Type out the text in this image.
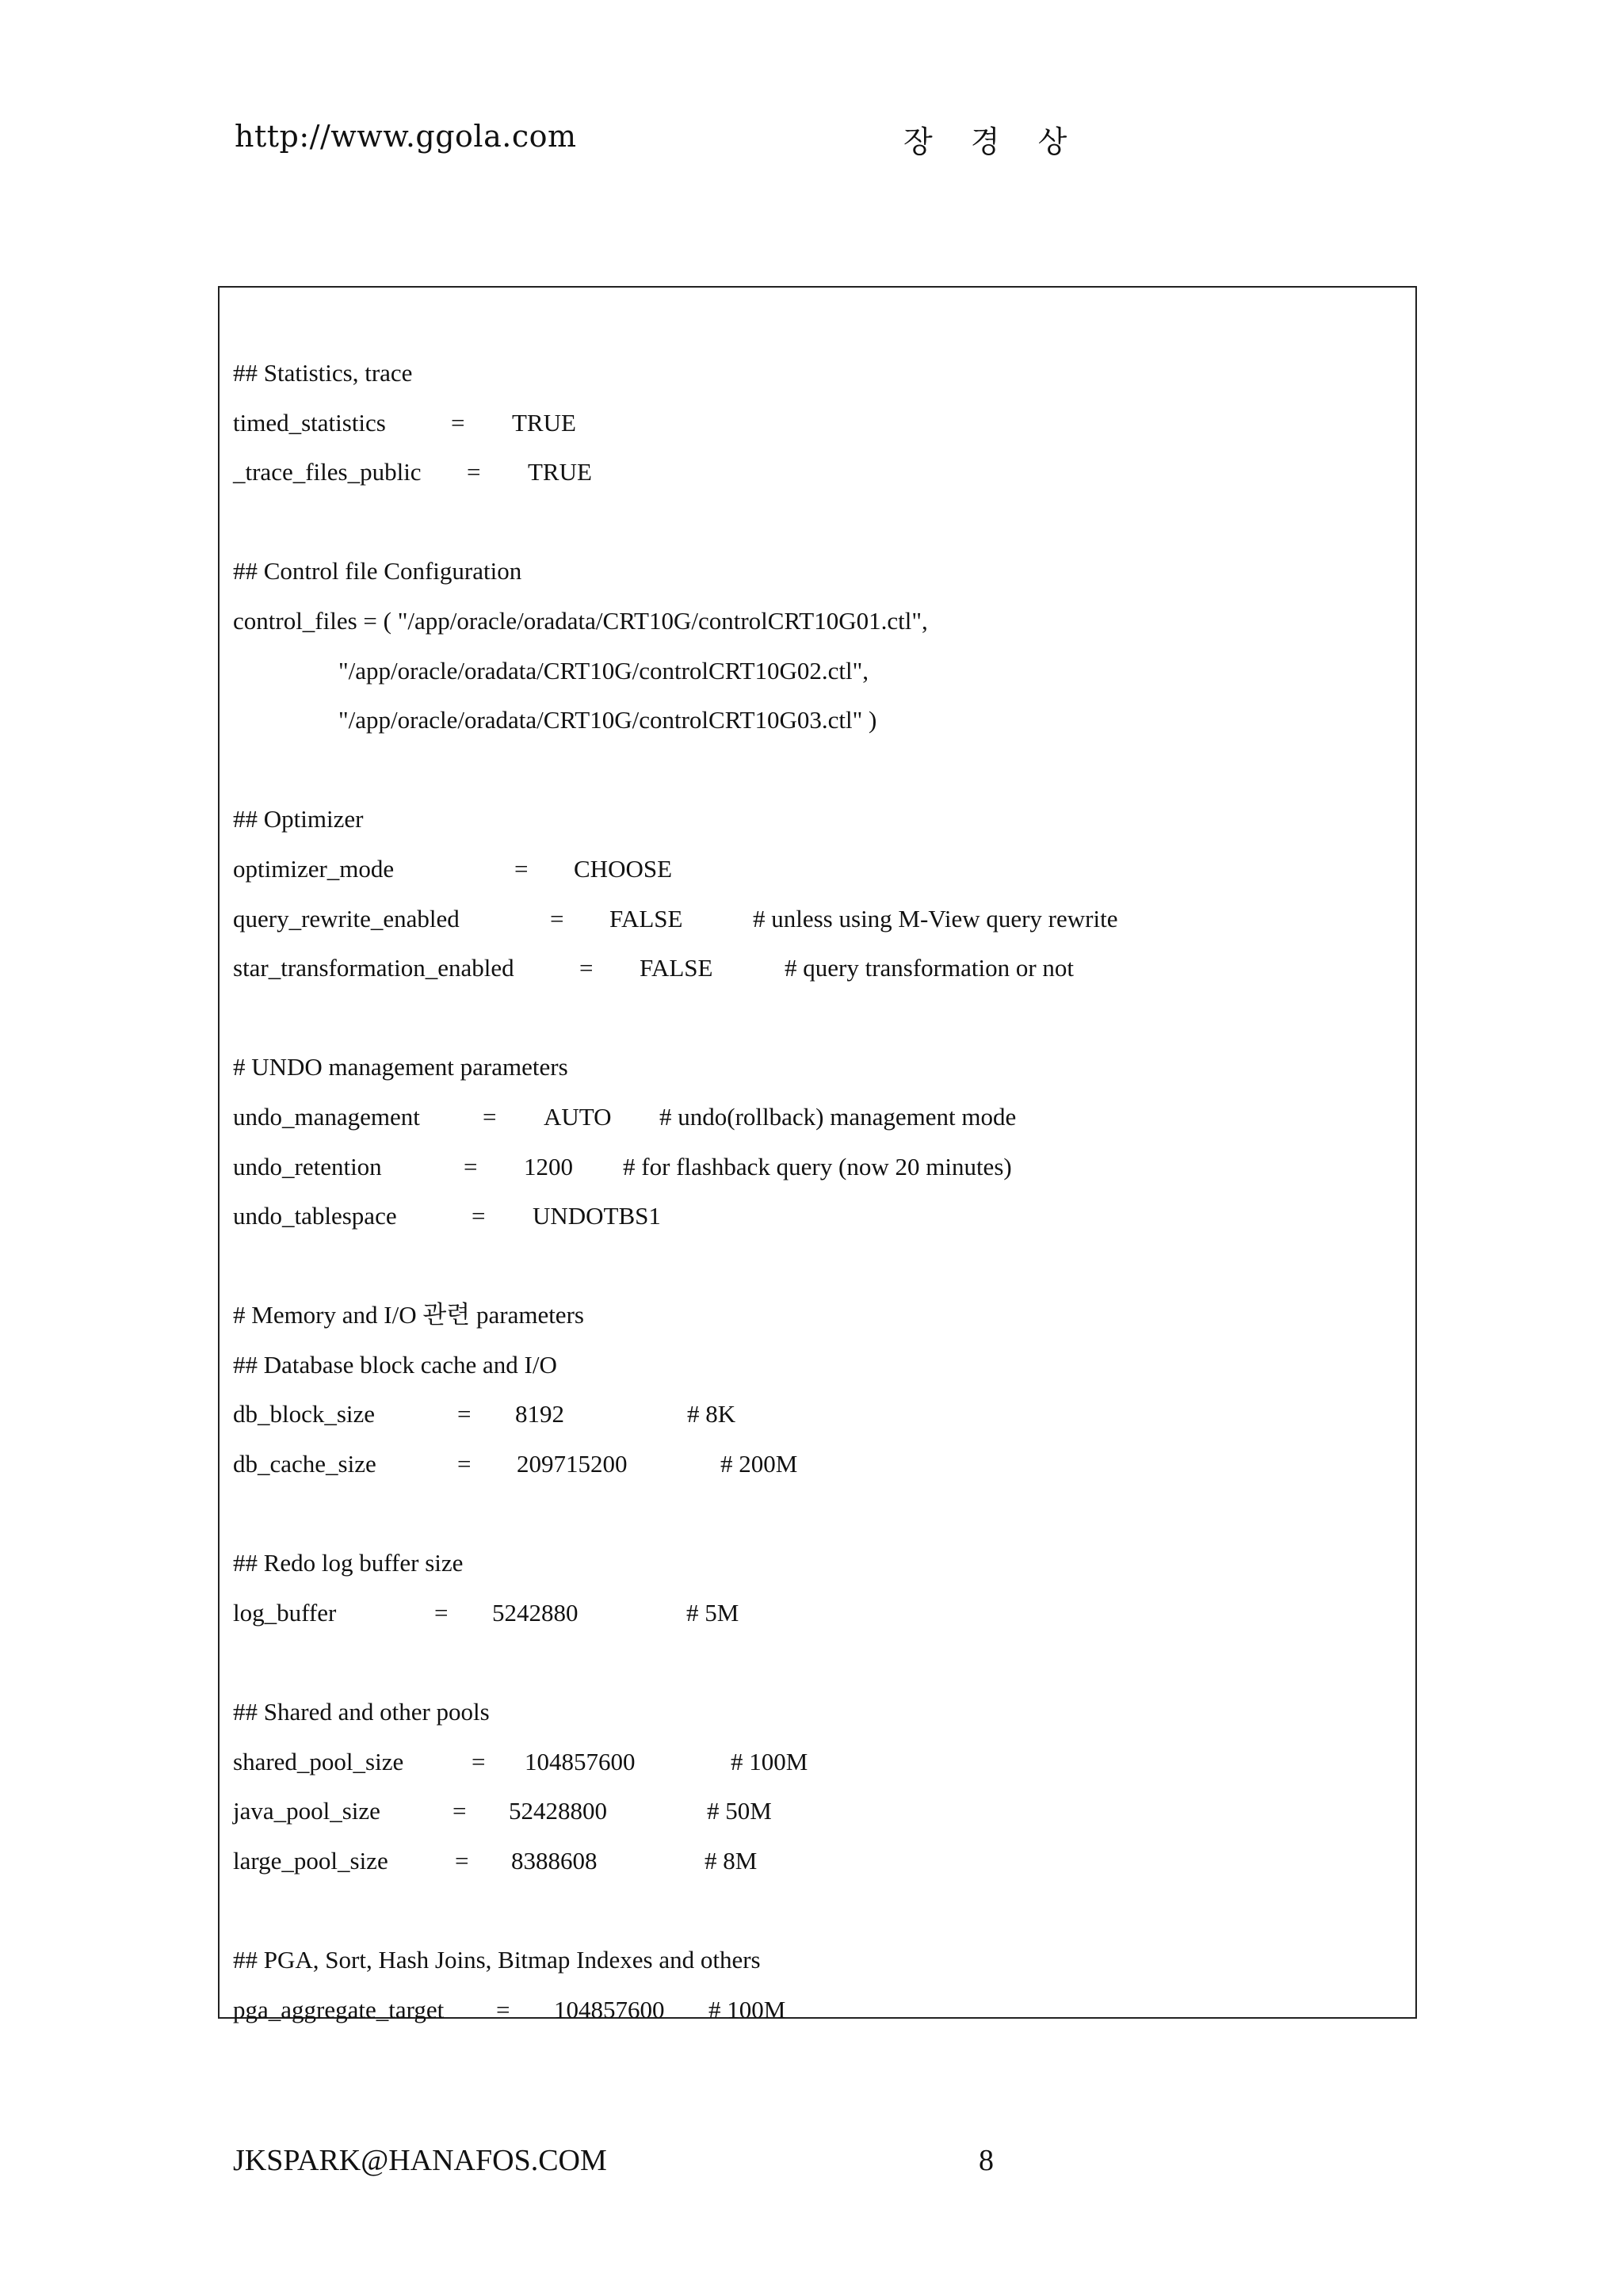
http://www.ggola.com	장 경 상
## Statistics, trace
timed_statistics	= TRUE
_trace_files_public = TRUE
## Control file Configuration
control_files = ( "/app/oracle/oradata/CRT10G/controlCRT10G01.ctl",
"/app/oracle/oradata/CRT10G/controlCRT10G02.ctl",
"/app/oracle/oradata/CRT10G/controlCRT10G03.ctl" )
## Optimizer
optimizer_mode	= CHOOSE
query_rewrite_enabled	= FALSE	# unless using M-View query rewrite
star_transformation_enabled	= FALSE	# query transformation or not
# UNDO management parameters
undo_management	= AUTO # undo(rollback) management mode
undo_retention	= 1200 # for flashback query (now 20 minutes)
undo_tablespace	= UNDOTBS1
# Memory and I/O 관련 parameters
## Database block cache and I/O
db_block_size	= 8192	# 8K
db_cache_size	= 209715200	# 200M
## Redo log buffer size
log_buffer	= 5242880	# 5M
## Shared and other pools
shared_pool_size	= 104857600	# 100M
java_pool_size	= 52428800	# 50M
large_pool_size	= 8388608	# 8M
## PGA, Sort, Hash Joins, Bitmap Indexes and others
pga_aggregate_target = 104857600 # 100M
JKSPARK@HANAFOS.COM	8
